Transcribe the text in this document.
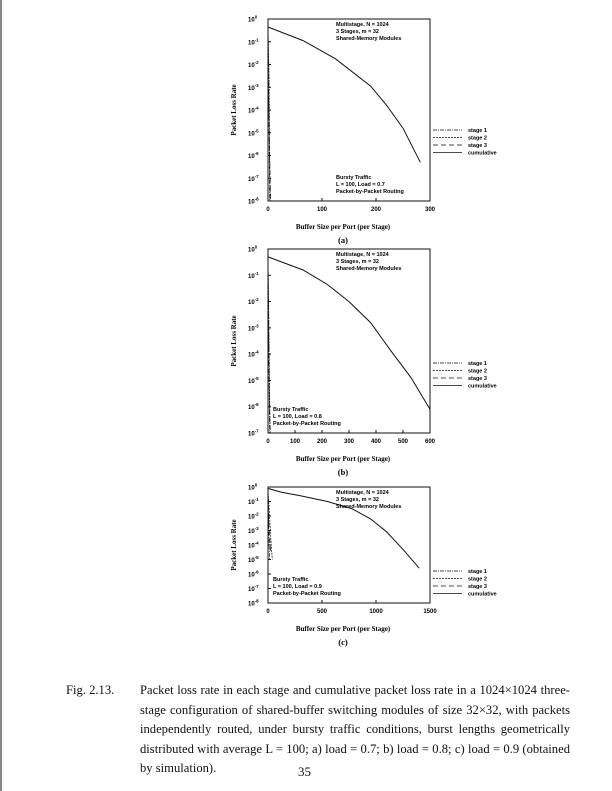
$10^0$
$10^{-1}$
$10^{-2}$
$10^{-3}$
$10^{-4}$
$10^{-5}$
$10^{-6}$
$10^{-7}$
$10^{-8}$
0	100	200	300
Multistage, N = 1024
3 Stages, m = 32
Shared-Memory Modules
Bursty Traffic
L = 100, Load = 0.7
Packet-by-Packet Routing
Buffer Size per Port (per Stage)
(a)
Packet Loss Rate	stage 1
stage 2
stage 3
cumulative
$10^0$
$10^{-1}$
$10^{-2}$
$10^{-3}$
$10^{-4}$
$10^{-5}$
$10^{-6}$
$10^{-7}$
0	100	200	300	400	500	600
Multistage, N = 1024
3 Stages, m = 32
Shared-Memory Modules
Bursty Traffic
L = 100, Load = 0.8
Packet-by-Packet Routing
Buffer Size per Port (per Stage)
(b)
Packet Loss Rate	stage 1
stage 2
stage 3
cumulative
$10^0$
$10^{-1}$
$10^{-2}$
$10^{-3}$
$10^{-4}$
$10^{-5}$
$10^{-6}$
$10^{-7}$
$10^{-8}$
0	500	1000	1500
Multistage, N = 1024
3 Stages, m = 32
Shared-Memory Modules
Bursty Traffic
L = 100, Load = 0.9
Packet-by-Packet Routing
Buffer Size per Port (per Stage)
(c)
Packet Loss Rate
stage 1
stage 2
stage 3
cumulative
Fig. 2.13. Packet loss rate in each stage and cumulative packet loss rate in a 1024×1024 three-stage configuration of shared-buffer switching modules of size 32×32, with packets independently routed, under bursty traffic conditions, burst lengths geometrically distributed with average L = 100; a) load = 0.7; b) load = 0.8; c) load = 0.9 (obtained by simulation).	35
